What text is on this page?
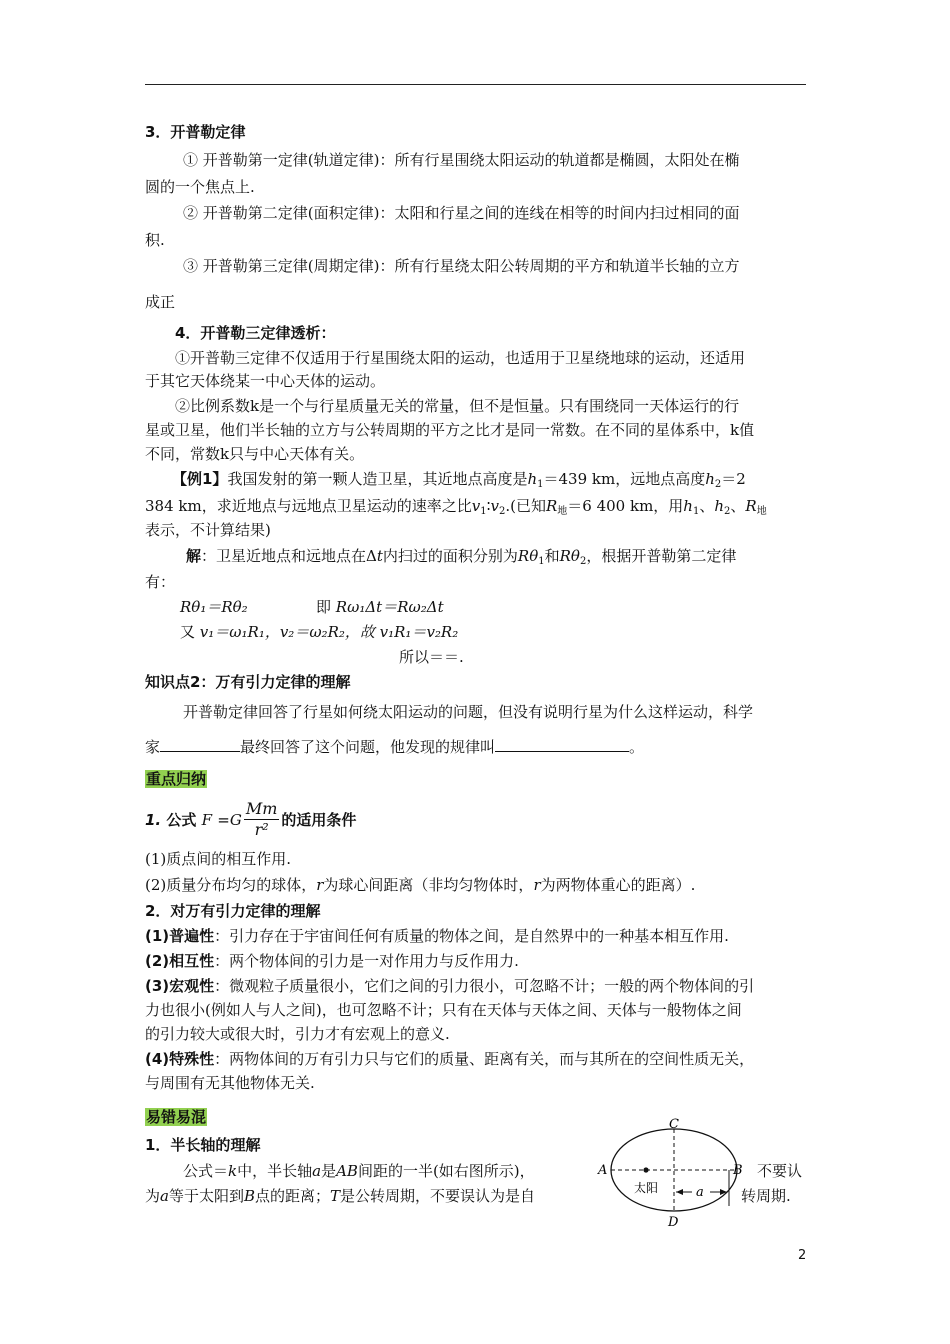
3．开普勒定律
① 开普勒第一定律(轨道定律)：所有行星围绕太阳运动的轨道都是椭圆，太阳处在椭
圆的一个焦点上.
② 开普勒第二定律(面积定律)：太阳和行星之间的连线在相等的时间内扫过相同的面
积.
③ 开普勒第三定律(周期定律)：所有行星绕太阳公转周期的平方和轨道半长轴的立方
成正
4．开普勒三定律透析：
①开普勒三定律不仅适用于行星围绕太阳的运动，也适用于卫星绕地球的运动，还适用
于其它天体绕某一中心天体的运动。
②比例系数k是一个与行星质量无关的常量，但不是恒量。只有围绕同一天体运行的行
星或卫星，他们半长轴的立方与公转周期的平方之比才是同一常数。在不同的星体系中，k值
不同，常数k只与中心天体有关。
【例1】我国发射的第一颗人造卫星，其近地点高度是$h_1=439$ km，远地点高度$h_2=2$
384 km，求近地点与远地点卫星运动的速率之比$v_1∶v_2$.(已知$R_地=6$ 400 km，用$h_1$、$h_2$、$R_地$
表示，不计算结果)
解：卫星近地点和远地点在Δt内扫过的面积分别为$R\theta_1$和$R\theta_2$，根据开普勒第二定律
有：
Rθ₁＝Rθ₂	即 Rω₁Δt＝Rω₂Δt
又 v₁＝ω₁R₁，v₂＝ω₂R₂，故 v₁R₁＝v₂R₂
所以＝＝.
知识点2：万有引力定律的理解
开普勒定律回答了行星如何绕太阳运动的问题，但没有说明行星为什么这样运动，科学
家	最终回答了这个问题，他发现的规律叫	。
重点归纳
1.
公式
F
= G $\frac{Mm}{\text{r²}}$ 的适用条件
(1)质点间的相互作用.
(2)质量分布均匀的球体，r为球心间距离（非均匀物体时，r为两物体重心的距离）.
2．对万有引力定律的理解
(1)普遍性：引力存在于宇宙间任何有质量的物体之间，是自然界中的一种基本相互作用.
(2)相互性：两个物体间的引力是一对作用力与反作用力.
(3)宏观性：微观粒子质量很小，它们之间的引力很小，可忽略不计；一般的两个物体间的引
力也很小(例如人与人之间)，也可忽略不计；只有在天体与天体之间、天体与一般物体之间
的引力较大或很大时，引力才有宏观上的意义.
(4)特殊性：两物体间的万有引力只与它们的质量、距离有关，而与其所在的空间性质无关，
与周围有无其他物体无关.
易错易混
1．半长轴的理解
公式＝k中，半长轴a是AB间距的一半(如右图所示)，	不要认
为a等于太阳到B点的距离；T是公转周期，不要误认为是自	转周期.
A	B
C
D
太阳	a
2
